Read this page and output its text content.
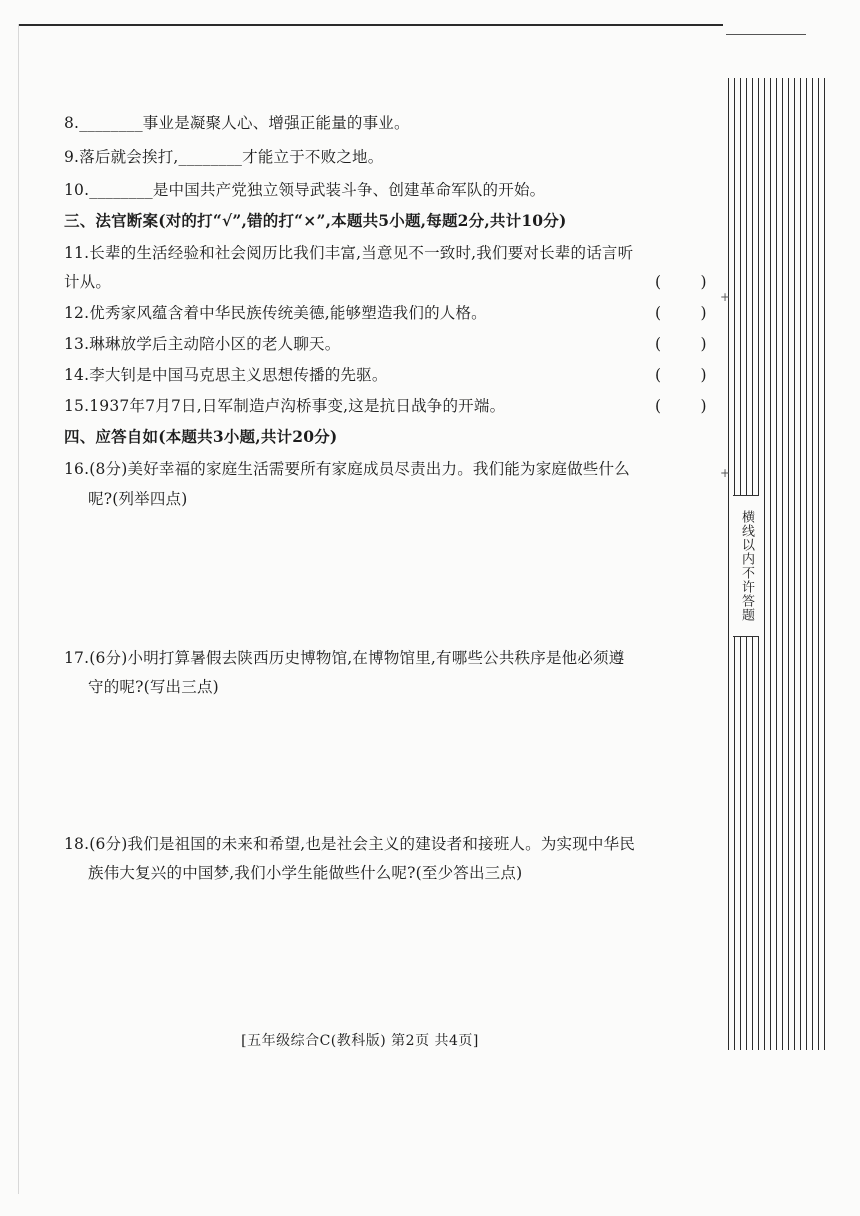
8.________事业是凝聚人心、增强正能量的事业。
9.落后就会挨打,________才能立于不败之地。
10.________是中国共产党独立领导武装斗争、创建革命军队的开始。
三、法官断案(对的打“√”,错的打“×”,本题共5小题,每题2分,共计10分)
11.长辈的生活经验和社会阅历比我们丰富,当意见不一致时,我们要对长辈的话言听
计从。	(        )
12.优秀家风蕴含着中华民族传统美德,能够塑造我们的人格。	(        )
13.琳琳放学后主动陪小区的老人聊天。	(        )
14.李大钊是中国马克思主义思想传播的先驱。	(        )
15.1937年7月7日,日军制造卢沟桥事变,这是抗日战争的开端。	(        )
四、应答自如(本题共3小题,共计20分)
16.(8分)美好幸福的家庭生活需要所有家庭成员尽责出力。我们能为家庭做些什么
呢?(列举四点)
17.(6分)小明打算暑假去陕西历史博物馆,在博物馆里,有哪些公共秩序是他必须遵
守的呢?(写出三点)
18.(6分)我们是祖国的未来和希望,也是社会主义的建设者和接班人。为实现中华民
族伟大复兴的中国梦,我们小学生能做些什么呢?(至少答出三点)
[五年级综合C(教科版) 第2页 共4页]
横线以内不许答题
+
+
